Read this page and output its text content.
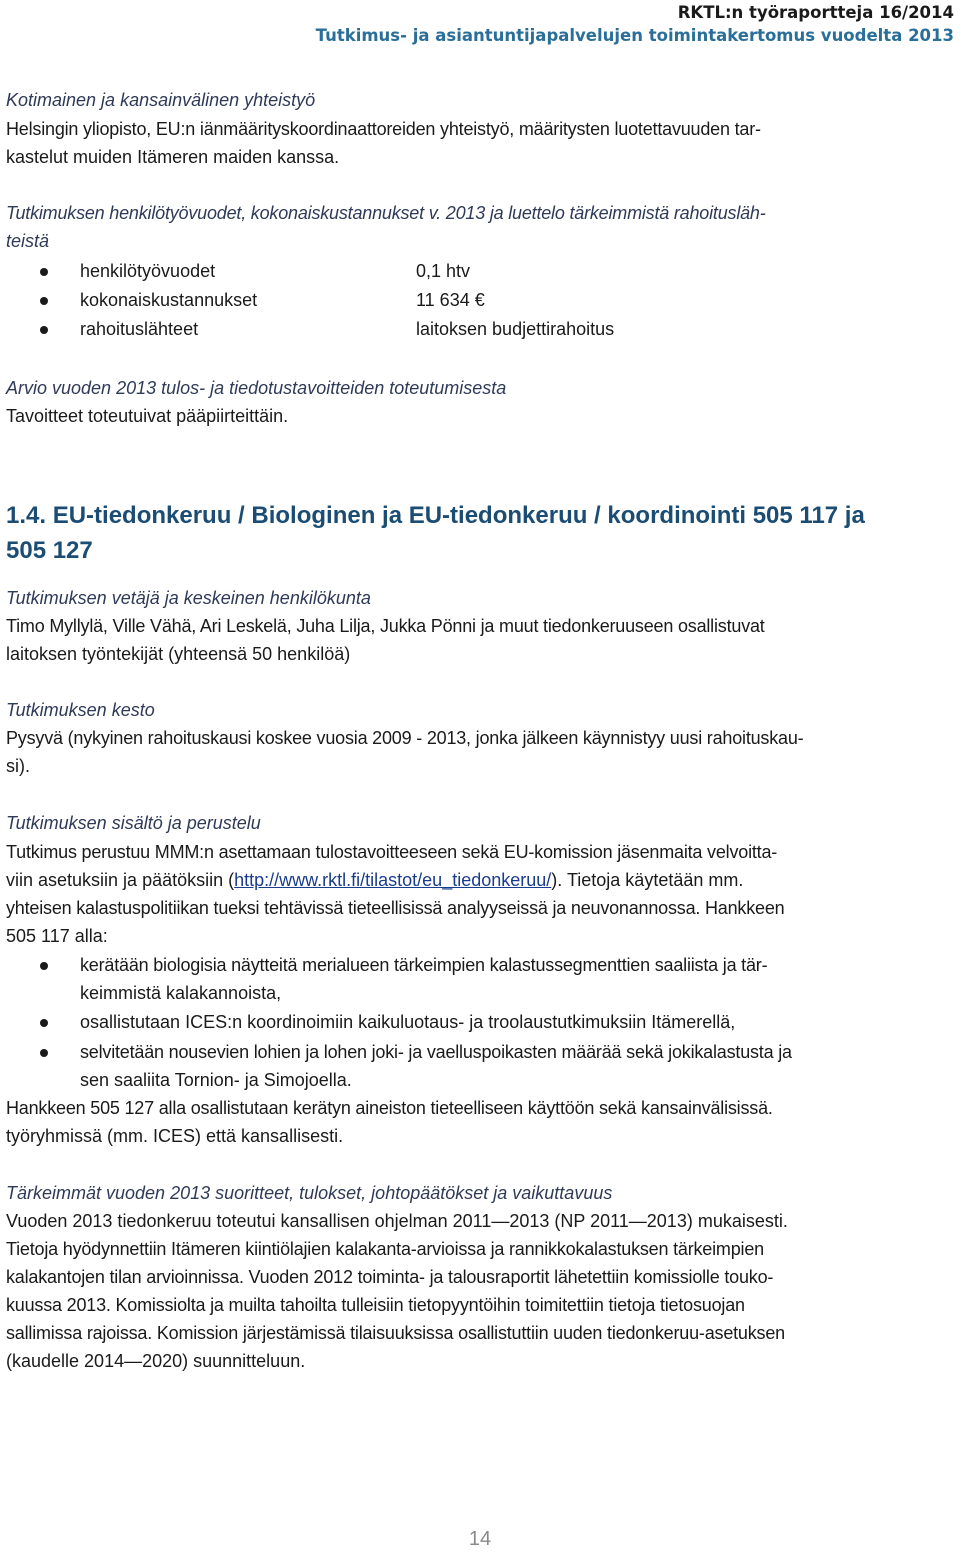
RKTL:n työraportteja 16/2014
Tutkimus- ja asiantuntijapalvelujen toimintakertomus vuodelta 2013
Kotimainen ja kansainvälinen yhteistyö
Helsingin yliopisto, EU:n iänmäärityskoordinaattoreiden yhteistyö, määritysten luotettavuuden tar-
kastelut muiden Itämeren maiden kanssa.
Tutkimuksen henkilötyövuodet, kokonaiskustannukset v. 2013 ja luettelo tärkeimmistä rahoitusläh-
teistä
henkilötyövuodet	0,1 htv
kokonaiskustannukset	11 634 €
rahoituslähteet	laitoksen budjettirahoitus
Arvio vuoden 2013 tulos- ja tiedotustavoitteiden toteutumisesta
Tavoitteet toteutuivat pääpiirteittäin.
1.4. EU-tiedonkeruu / Biologinen ja EU-tiedonkeruu / koordinointi 505 117 ja
505 127
Tutkimuksen vetäjä ja keskeinen henkilökunta
Timo Myllylä, Ville Vähä, Ari Leskelä, Juha Lilja, Jukka Pönni ja muut tiedonkeruuseen osallistuvat
laitoksen työntekijät (yhteensä 50 henkilöä)
Tutkimuksen kesto
Pysyvä (nykyinen rahoituskausi koskee vuosia 2009 - 2013, jonka jälkeen käynnistyy uusi rahoituskau-
si).
Tutkimuksen sisältö ja perustelu
Tutkimus perustuu MMM:n asettamaan tulostavoitteeseen sekä EU-komission jäsenmaita velvoitta-
viin asetuksiin ja päätöksiin (http://www.rktl.fi/tilastot/eu_tiedonkeruu/). Tietoja käytetään mm.
yhteisen kalastuspolitiikan tueksi tehtävissä tieteellisissä analyyseissä ja neuvonannossa. Hankkeen
505 117 alla:
kerätään biologisia näytteitä merialueen tärkeimpien kalastussegmenttien saaliista ja tär-
keimmistä kalakannoista,
osallistutaan ICES:n koordinoimiin kaikuluotaus- ja troolaustutkimuksiin Itämerellä,
selvitetään nousevien lohien ja lohen joki- ja vaelluspoikasten määrää sekä jokikalastusta ja
sen saaliita Tornion- ja Simojoella.
Hankkeen 505 127 alla osallistutaan kerätyn aineiston tieteelliseen käyttöön sekä kansainvälisissä.
työryhmissä (mm. ICES) että kansallisesti.
Tärkeimmät vuoden 2013 suoritteet, tulokset, johtopäätökset ja vaikuttavuus
Vuoden 2013 tiedonkeruu toteutui kansallisen ohjelman 2011—2013 (NP 2011—2013) mukaisesti.
Tietoja hyödynnettiin Itämeren kiintiölajien kalakanta-arvioissa ja rannikkokalastuksen tärkeimpien
kalakantojen tilan arvioinnissa. Vuoden 2012 toiminta- ja talousraportit lähetettiin komissiolle touko-
kuussa 2013. Komissiolta ja muilta tahoilta tulleisiin tietopyyntöihin toimitettiin tietoja tietosuojan
sallimissa rajoissa. Komission järjestämissä tilaisuuksissa osallistuttiin uuden tiedonkeruu-asetuksen
(kaudelle 2014—2020) suunnitteluun.
14
